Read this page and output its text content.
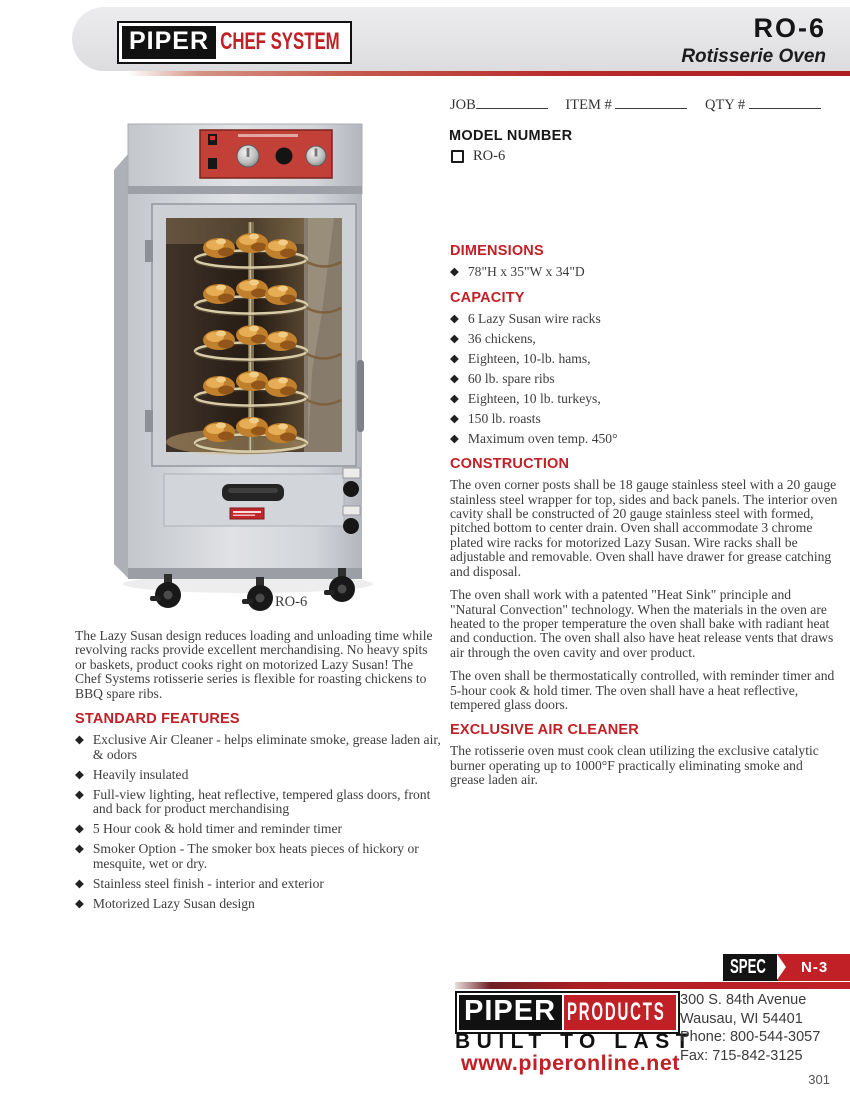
PIPER CHEF SYSTEM	RO-6
Rotisserie Oven
JOB	ITEM #	QTY #
MODEL NUMBER
RO-6
RO-6

The Lazy Susan design reduces loading and unloading time while revolving racks provide excellent merchandising. No heavy spits or baskets, product cooks right on motorized Lazy Susan! The Chef Systems rotisserie series is flexible for roasting chickens to BBQ spare ribs.

STANDARD FEATURES
◆ Exclusive Air Cleaner - helps eliminate smoke, grease laden air, & odors
◆ Heavily insulated
◆ Full-view lighting, heat reflective, tempered glass doors, front and back for product merchandising
◆ 5 Hour cook & hold timer and reminder timer
◆ Smoker Option - The smoker box heats pieces of hickory or mesquite, wet or dry.
◆ Stainless steel finish - interior and exterior
◆ Motorized Lazy Susan design
DIMENSIONS
◆ 78"H x 35"W x 34"D
CAPACITY
◆ 6 Lazy Susan wire racks
◆ 36 chickens,
◆ Eighteen, 10-lb. hams,
◆ 60 lb. spare ribs
◆ Eighteen, 10 lb. turkeys,
◆ 150 lb. roasts
◆ Maximum oven temp. 450°
CONSTRUCTION

The oven corner posts shall be 18 gauge stainless steel with a 20 gauge stainless steel wrapper for top, sides and back panels. The interior oven cavity shall be constructed of 20 gauge stainless steel with formed, pitched bottom to center drain. Oven shall accommodate 3 chrome plated wire racks for motorized Lazy Susan. Wire racks shall be adjustable and removable. Oven shall have drawer for grease catching and disposal.

The oven shall work with a patented "Heat Sink" principle and "Natural Convection" technology. When the materials in the oven are heated to the proper temperature the oven shall bake with radiant heat and conduction. The oven shall also have heat release vents that draws air through the oven cavity and over product.

The oven shall be thermostatically controlled, with reminder timer and 5-hour cook & hold timer. The oven shall have a heat reflective, tempered glass doors.

EXCLUSIVE AIR CLEANER

The rotisserie oven must cook clean utilizing the exclusive catalytic burner operating up to 1000°F practically eliminating smoke and grease laden air.

SPEC	N-3
PIPER PRODUCTS
BUILT TO LAST
www.piperonline.net
300 S. 84th Avenue
Wausau, WI 54401
Phone: 800-544-3057
Fax: 715-842-3125
301
